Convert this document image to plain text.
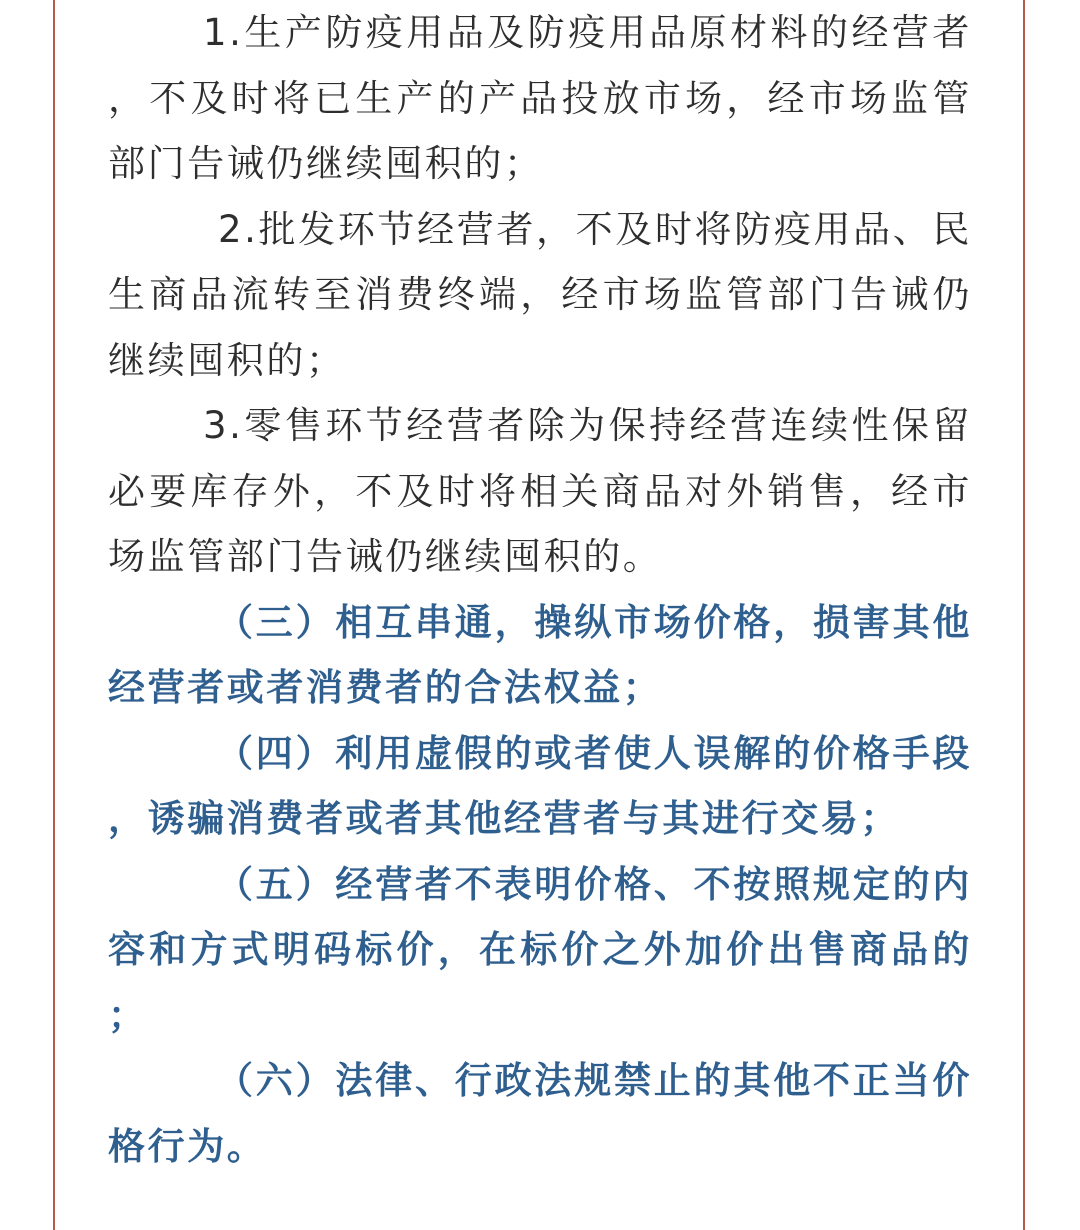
1.生产防疫用品及防疫用品原材料的经营者，不及时将已生产的产品投放市场，经市场监管部门告诫仍继续囤积的；

2.批发环节经营者，不及时将防疫用品、民生商品流转至消费终端，经市场监管部门告诫仍继续囤积的；

3.零售环节经营者除为保持经营连续性保留必要库存外，不及时将相关商品对外销售，经市场监管部门告诫仍继续囤积的。

（三）相互串通，操纵市场价格，损害其他经营者或者消费者的合法权益；

（四）利用虚假的或者使人误解的价格手段，诱骗消费者或者其他经营者与其进行交易；

（五）经营者不表明价格、不按照规定的内容和方式明码标价，在标价之外加价出售商品的；

（六）法律、行政法规禁止的其他不正当价格行为。
